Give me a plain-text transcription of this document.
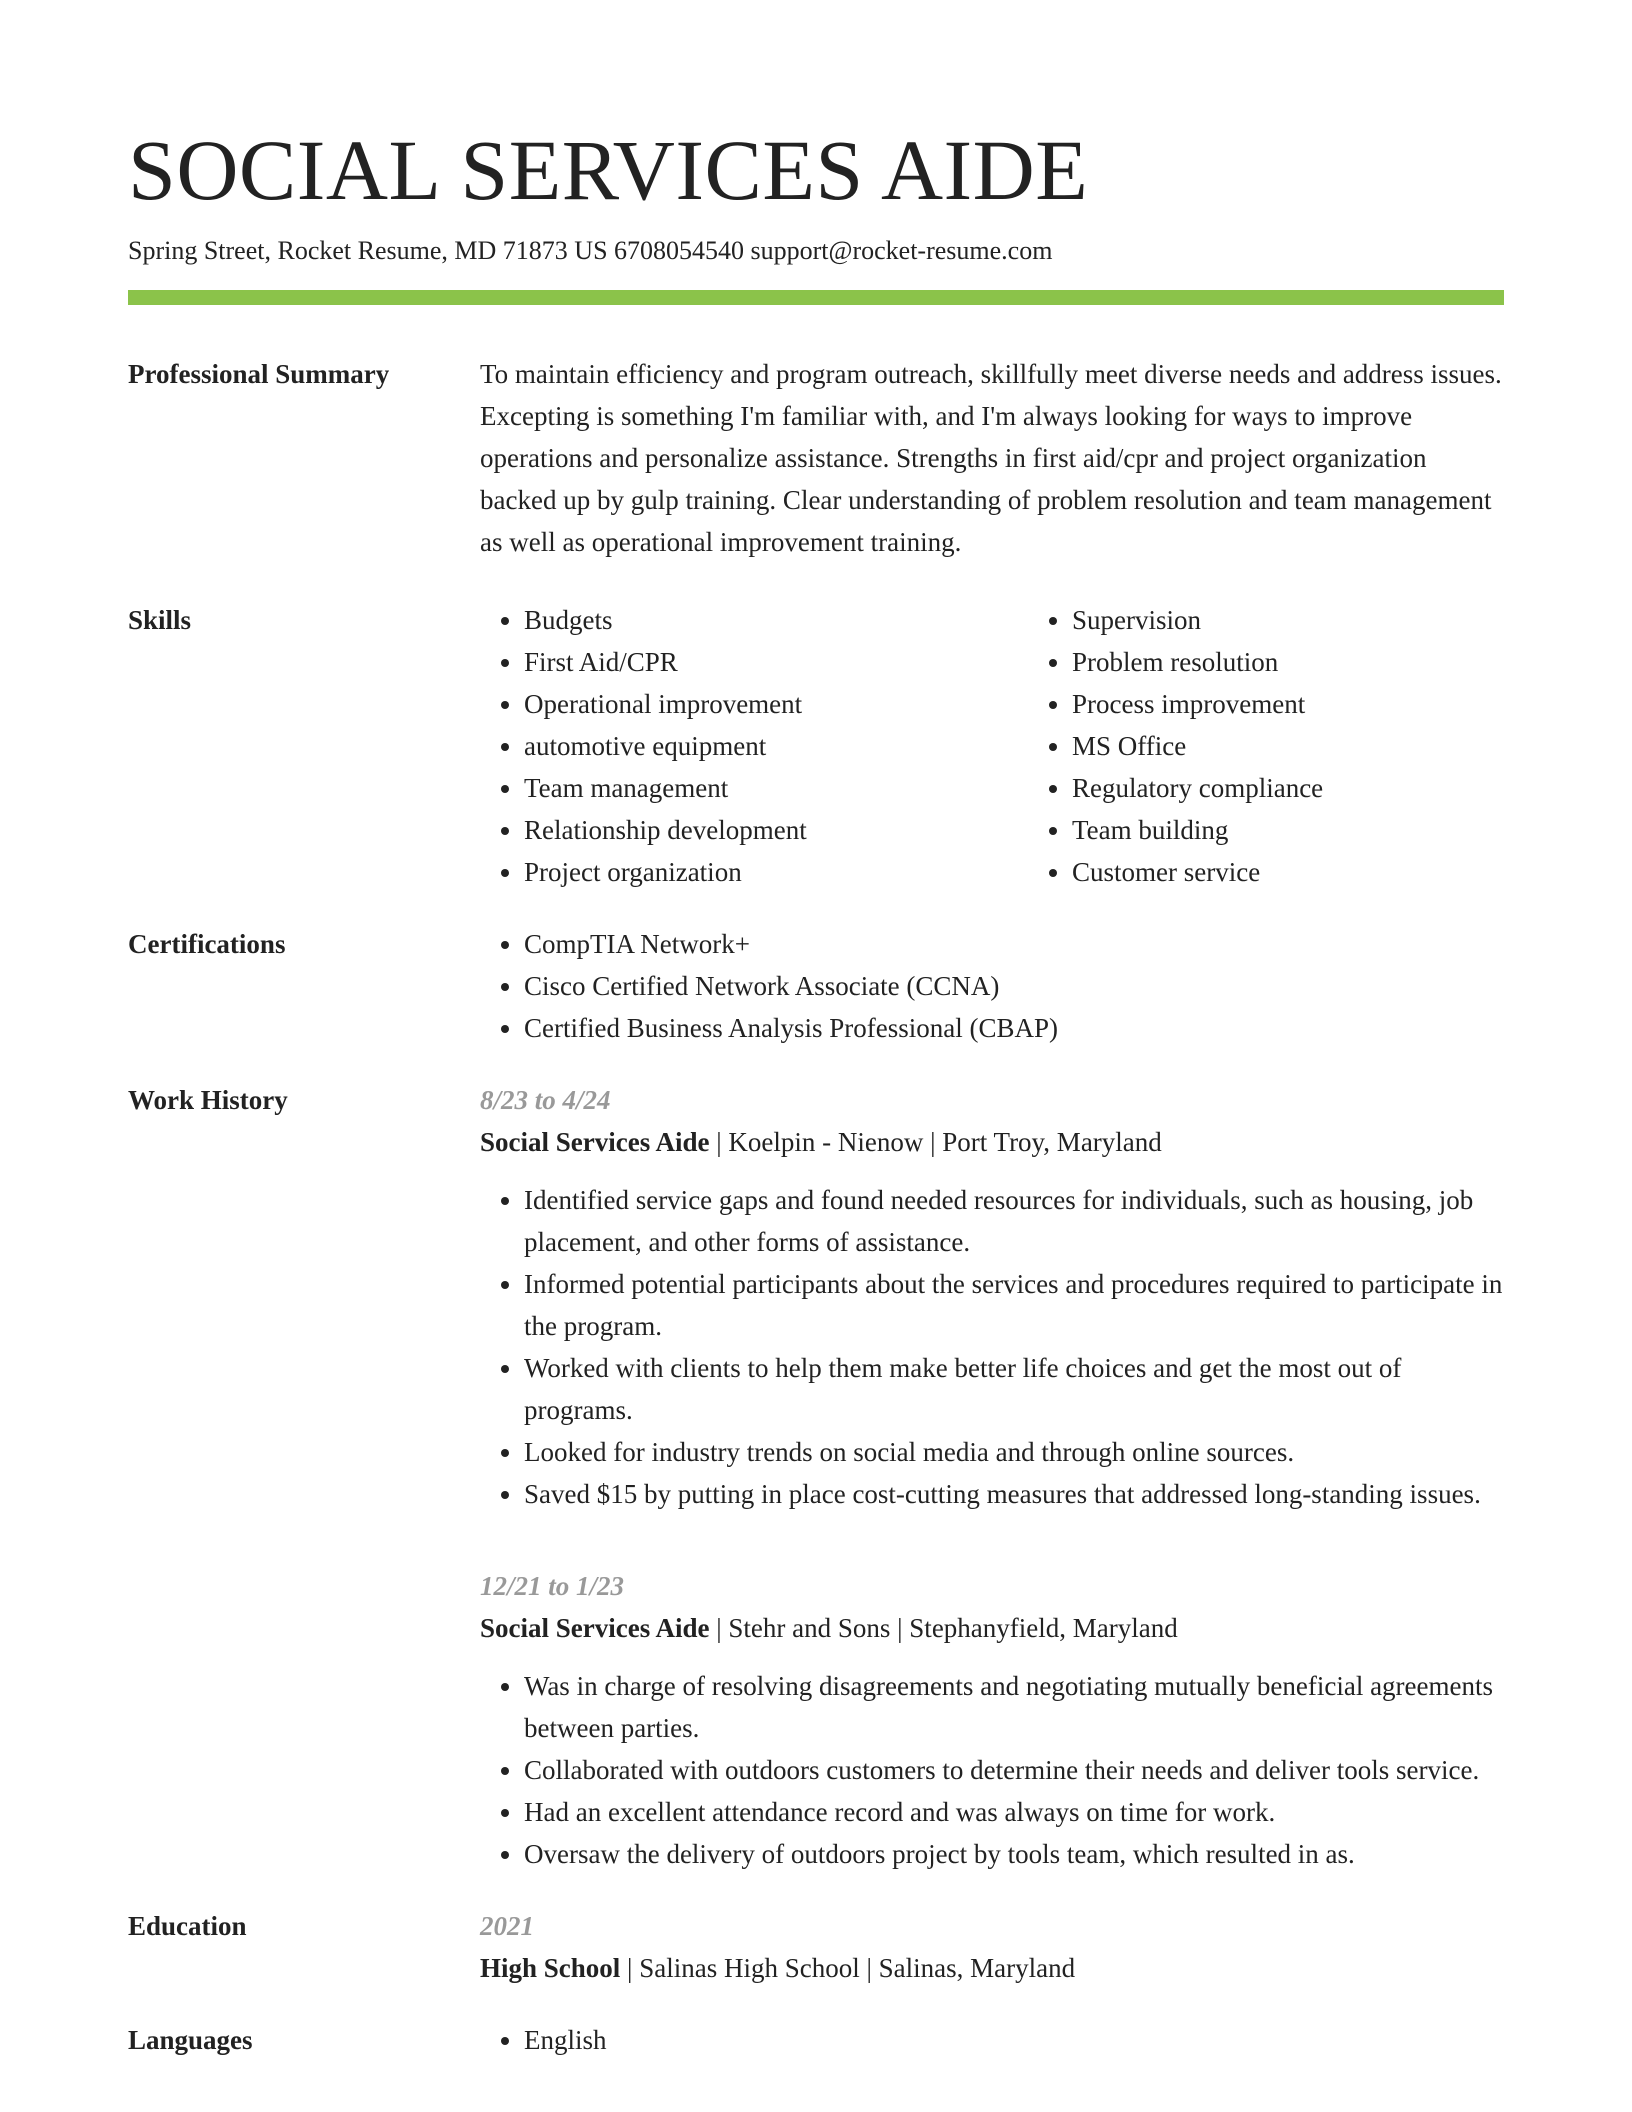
SOCIAL SERVICES AIDE
Spring Street, Rocket Resume, MD 71873 US 6708054540 support@rocket-resume.com
Professional Summary	To maintain efficiency and program outreach, skillfully meet diverse needs and address issues. Excepting is something I'm familiar with, and I'm always looking for ways to improve operations and personalize assistance. Strengths in first aid/cpr and project organization backed up by gulp training. Clear understanding of problem resolution and team management as well as operational improvement training.

Skills	• Budgets
• First Aid/CPR
• Operational improvement
• automotive equipment
• Team management
• Relationship development
• Project organization
• Supervision
• Problem resolution
• Process improvement
• MS Office
• Regulatory compliance
• Team building
• Customer service
Certifications	• CompTIA Network+
• Cisco Certified Network Associate (CCNA)
• Certified Business Analysis Professional (CBAP)
Work History	8/23 to 4/24
Social Services Aide | Koelpin - Nienow | Port Troy, Maryland
• Identified service gaps and found needed resources for individuals, such as housing, job placement, and other forms of assistance.
• Informed potential participants about the services and procedures required to participate in the program.
• Worked with clients to help them make better life choices and get the most out of programs.
• Looked for industry trends on social media and through online sources.
• Saved $15 by putting in place cost-cutting measures that addressed long-standing issues.
12/21 to 1/23
Social Services Aide | Stehr and Sons | Stephanyfield, Maryland
• Was in charge of resolving disagreements and negotiating mutually beneficial agreements between parties.
• Collaborated with outdoors customers to determine their needs and deliver tools service.
• Had an excellent attendance record and was always on time for work.
• Oversaw the delivery of outdoors project by tools team, which resulted in as.
Education	2021
High School | Salinas High School | Salinas, Maryland
Languages	• English
